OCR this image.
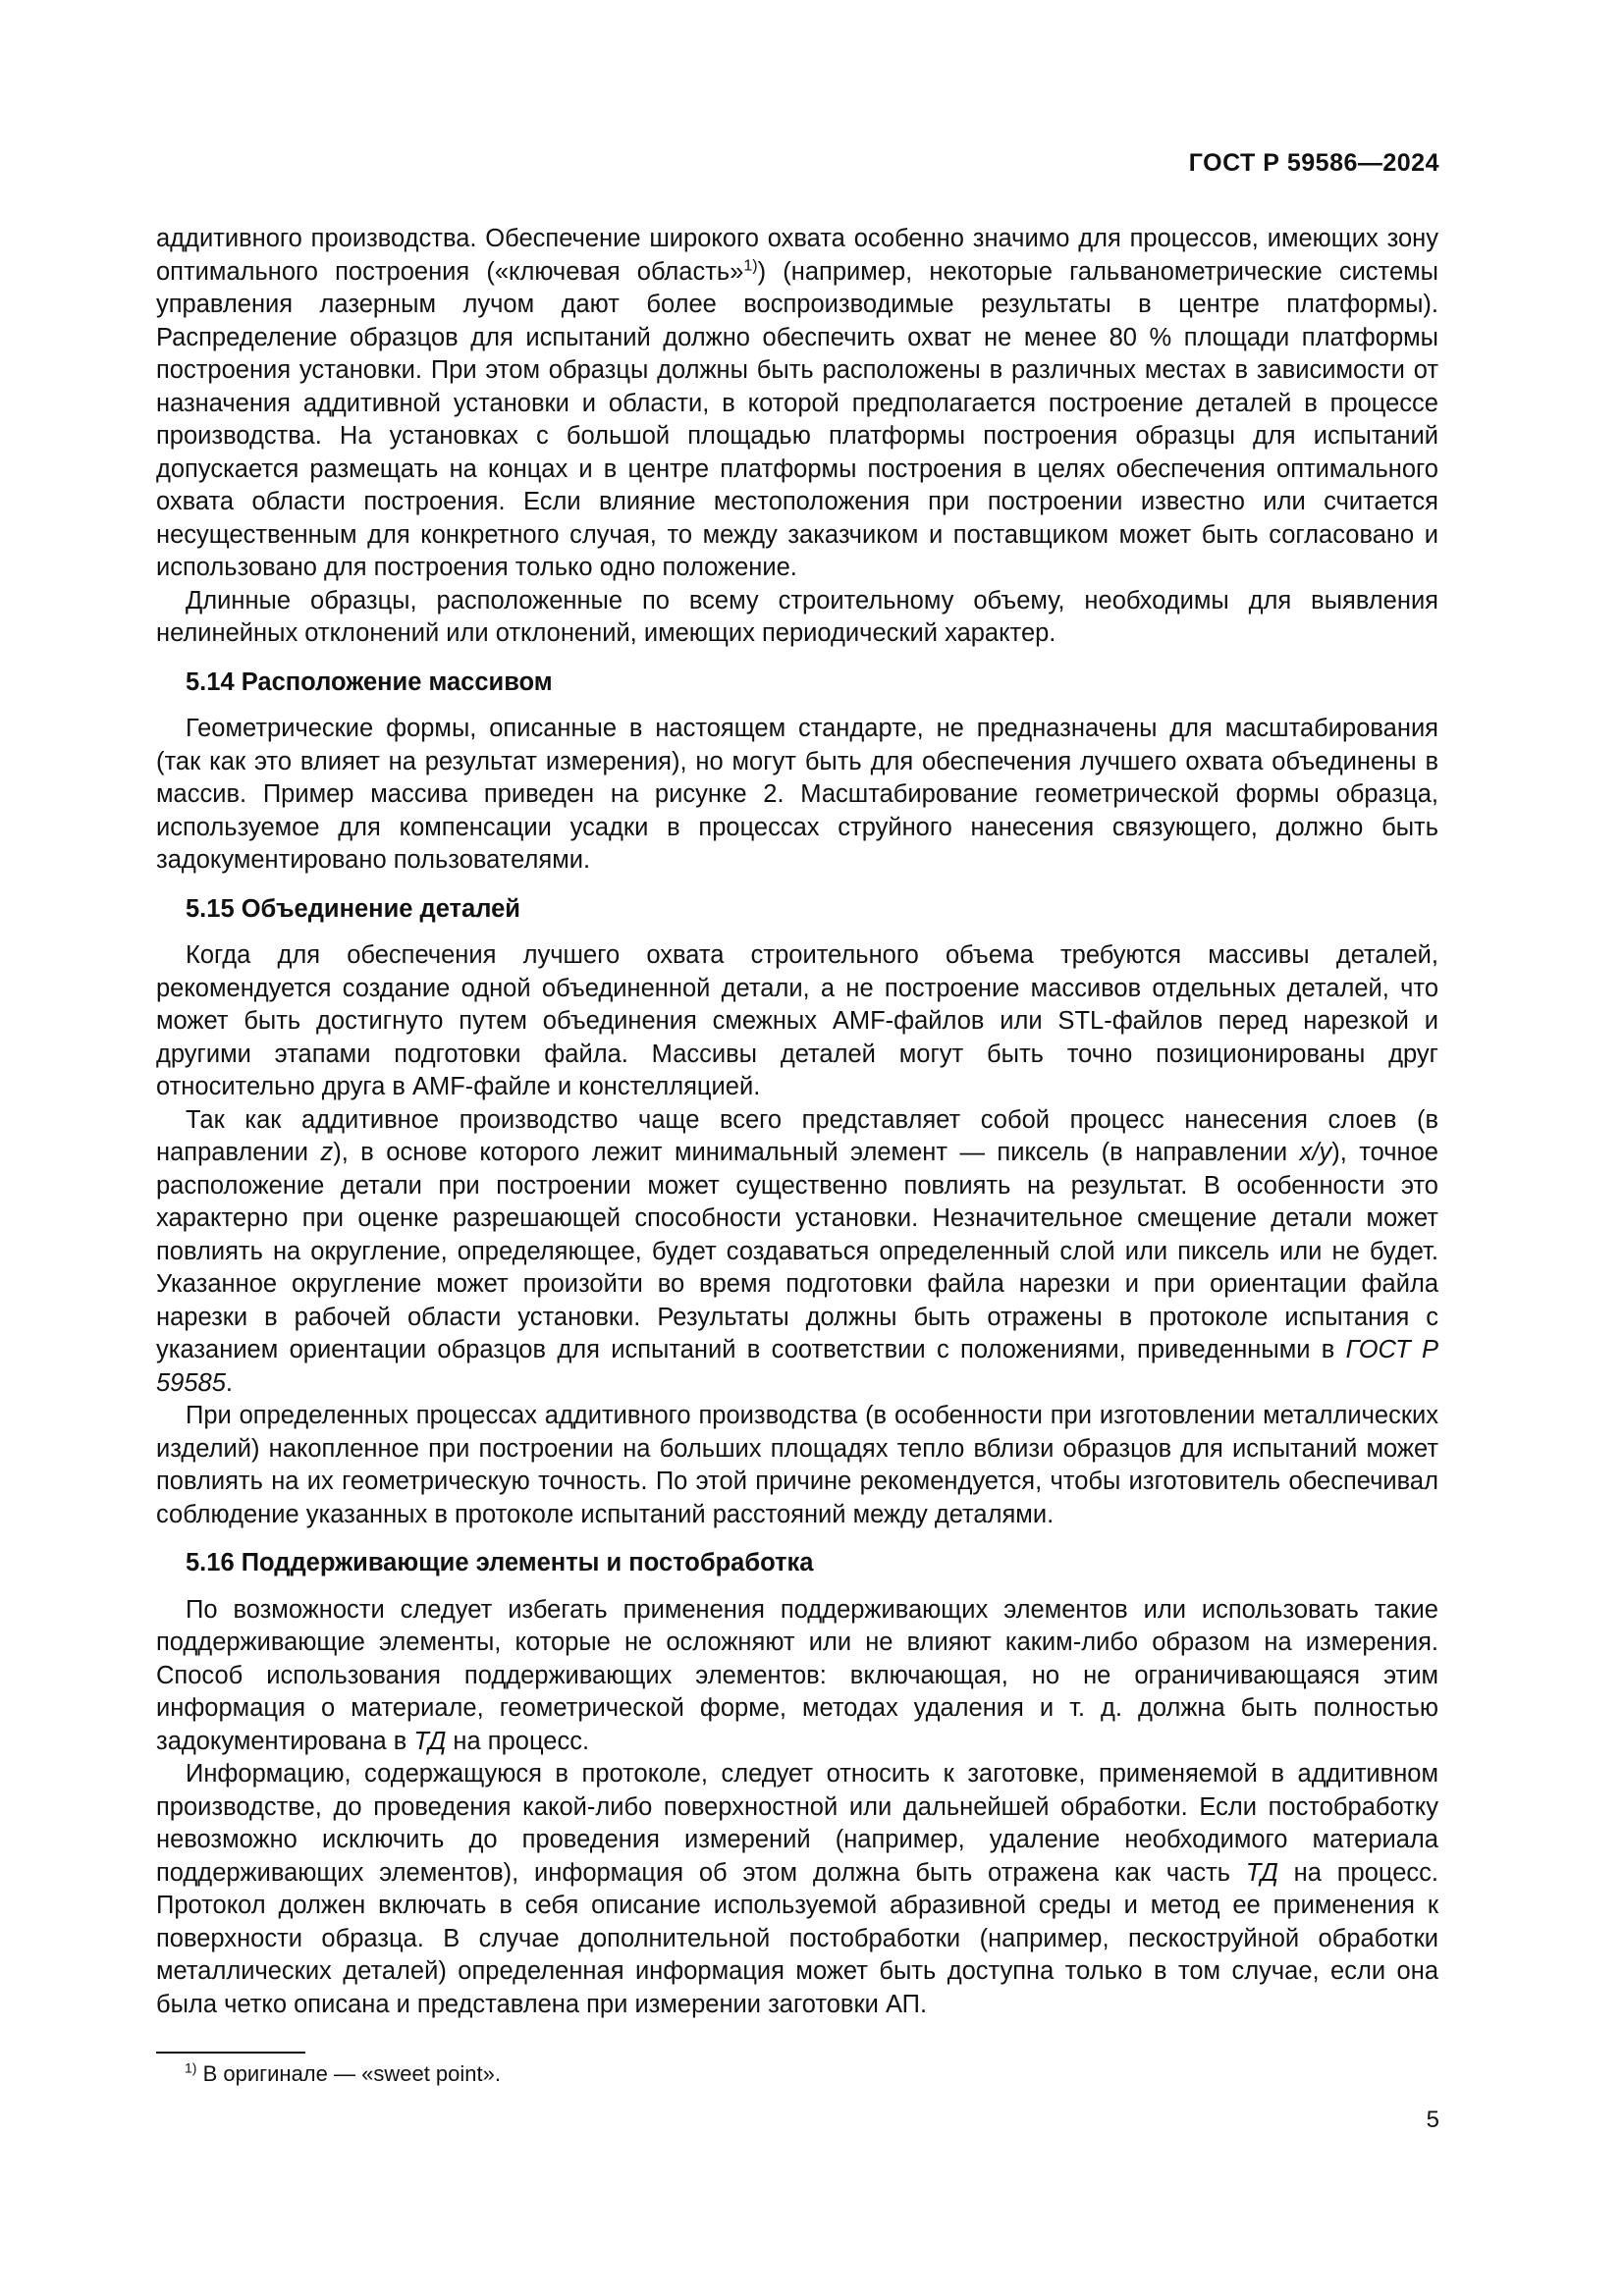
ГОСТ Р 59586—2024

аддитивного производства. Обеспечение широкого охвата особенно значимо для процессов, имеющих зону оптимального построения («ключевая область»$^{1)}$) (например, некоторые гальванометрические системы управления лазерным лучом дают более воспроизводимые результаты в центре платформы). Распределение образцов для испытаний должно обеспечить охват не менее 80 % площади платформы построения установки. При этом образцы должны быть расположены в различных местах в зависимости от назначения аддитивной установки и области, в которой предполагается построение деталей в процессе производства. На установках с большой площадью платформы построения образцы для испытаний допускается размещать на концах и в центре платформы построения в целях обеспечения оптимального охвата области построения. Если влияние местоположения при построении известно или считается несущественным для конкретного случая, то между заказчиком и поставщиком может быть согласовано и использовано для построения только одно положение.

Длинные образцы, расположенные по всему строительному объему, необходимы для выявления нелинейных отклонений или отклонений, имеющих периодический характер.

5.14 Расположение массивом

Геометрические формы, описанные в настоящем стандарте, не предназначены для масштабирования (так как это влияет на результат измерения), но могут быть для обеспечения лучшего охвата объединены в массив. Пример массива приведен на рисунке 2. Масштабирование геометрической формы образца, используемое для компенсации усадки в процессах струйного нанесения связующего, должно быть задокументировано пользователями.

5.15 Объединение деталей

Когда для обеспечения лучшего охвата строительного объема требуются массивы деталей, рекомендуется создание одной объединенной детали, а не построение массивов отдельных деталей, что может быть достигнуто путем объединения смежных AMF-файлов или STL-файлов перед нарезкой и другими этапами подготовки файла. Массивы деталей могут быть точно позиционированы друг относительно друга в AMF-файле и констелляцией.

Так как аддитивное производство чаще всего представляет собой процесс нанесения слоев (в направлении z), в основе которого лежит минимальный элемент — пиксель (в направлении x/y), точное расположение детали при построении может существенно повлиять на результат. В особенности это характерно при оценке разрешающей способности установки. Незначительное смещение детали может повлиять на округление, определяющее, будет создаваться определенный слой или пиксель или не будет. Указанное округление может произойти во время подготовки файла нарезки и при ориентации файла нарезки в рабочей области установки. Результаты должны быть отражены в протоколе испытания с указанием ориентации образцов для испытаний в соответствии с положениями, приведенными в ГОСТ Р 59585.

При определенных процессах аддитивного производства (в особенности при изготовлении металлических изделий) накопленное при построении на больших площадях тепло вблизи образцов для испытаний может повлиять на их геометрическую точность. По этой причине рекомендуется, чтобы изготовитель обеспечивал соблюдение указанных в протоколе испытаний расстояний между деталями.

5.16 Поддерживающие элементы и постобработка

По возможности следует избегать применения поддерживающих элементов или использовать такие поддерживающие элементы, которые не осложняют или не влияют каким-либо образом на измерения. Способ использования поддерживающих элементов: включающая, но не ограничивающаяся этим информация о материале, геометрической форме, методах удаления и т. д. должна быть полностью задокументирована в ТД на процесс.

Информацию, содержащуюся в протоколе, следует относить к заготовке, применяемой в аддитивном производстве, до проведения какой-либо поверхностной или дальнейшей обработки. Если постобработку невозможно исключить до проведения измерений (например, удаление необходимого материала поддерживающих элементов), информация об этом должна быть отражена как часть ТД на процесс. Протокол должен включать в себя описание используемой абразивной среды и метод ее применения к поверхности образца. В случае дополнительной постобработки (например, пескоструйной обработки металлических деталей) определенная информация может быть доступна только в том случае, если она была четко описана и представлена при измерении заготовки АП.

$^{1)}$ В оригинале — «sweet point».
5
